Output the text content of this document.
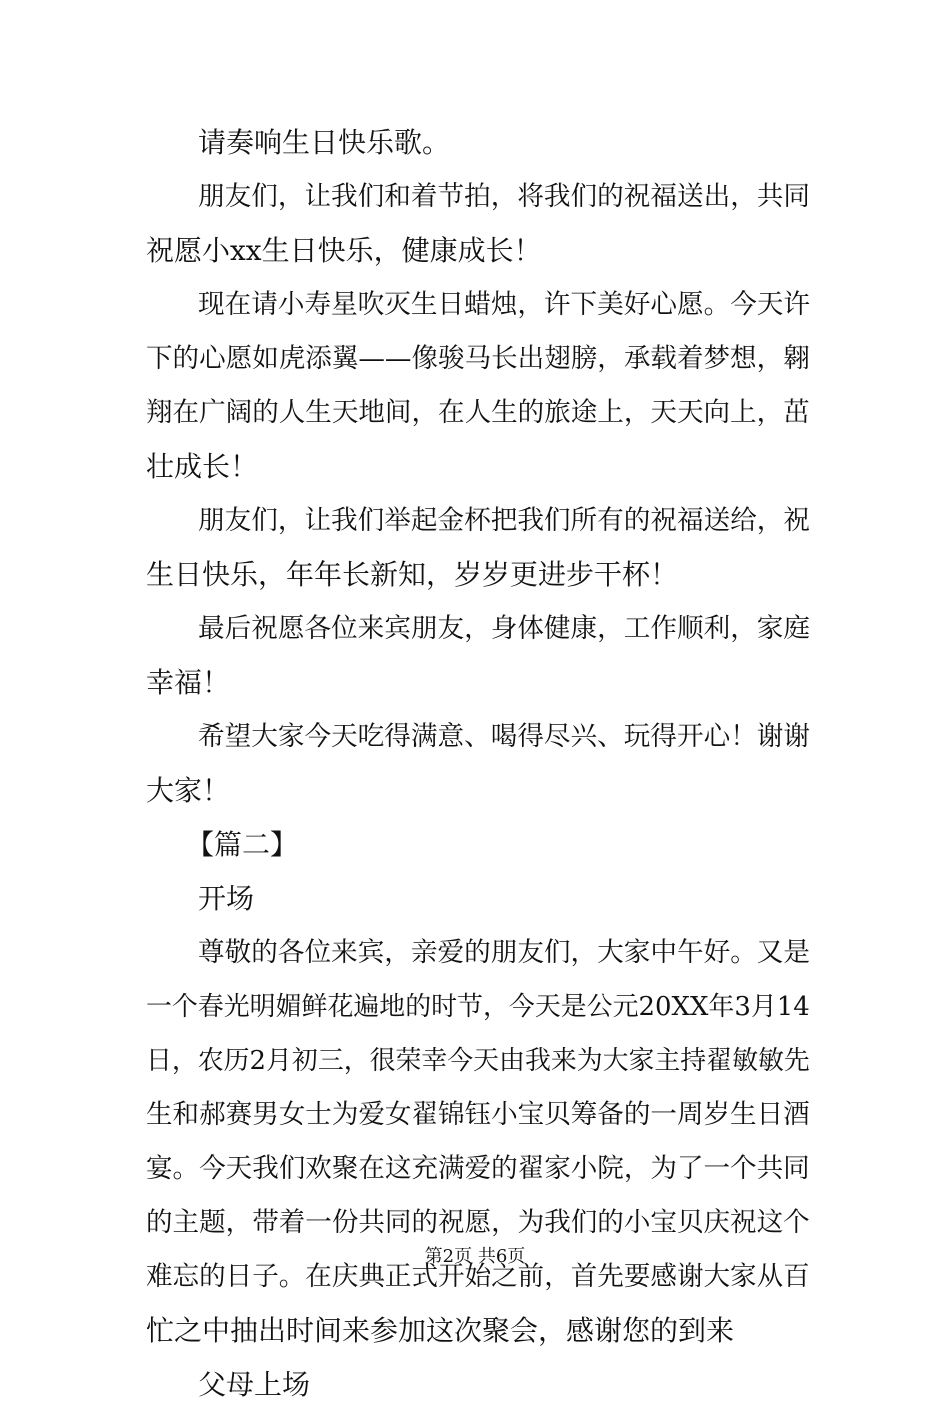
请奏响生日快乐歌。
朋友们，让我们和着节拍，将我们的祝福送出，共同
祝愿小xx生日快乐，健康成长！
现在请小寿星吹灭生日蜡烛，许下美好心愿。今天许
下的心愿如虎添翼——像骏马长出翅膀，承载着梦想，翱
翔在广阔的人生天地间，在人生的旅途上，天天向上，茁
壮成长！
朋友们，让我们举起金杯把我们所有的祝福送给，祝
生日快乐，年年长新知，岁岁更进步干杯！
最后祝愿各位来宾朋友，身体健康，工作顺利，家庭
幸福！
希望大家今天吃得满意、喝得尽兴、玩得开心！谢谢
大家！
【篇二】
开场
尊敬的各位来宾，亲爱的朋友们，大家中午好。又是
一个春光明媚鲜花遍地的时节，今天是公元20XX年3月14
日，农历2月初三，很荣幸今天由我来为大家主持翟敏敏先
生和郝赛男女士为爱女翟锦钰小宝贝筹备的一周岁生日酒
宴。今天我们欢聚在这充满爱的翟家小院，为了一个共同
的主题，带着一份共同的祝愿，为我们的小宝贝庆祝这个
难忘的日子。在庆典正式开始之前，首先要感谢大家从百
忙之中抽出时间来参加这次聚会，感谢您的到来
父母上场
第2页 共6页
